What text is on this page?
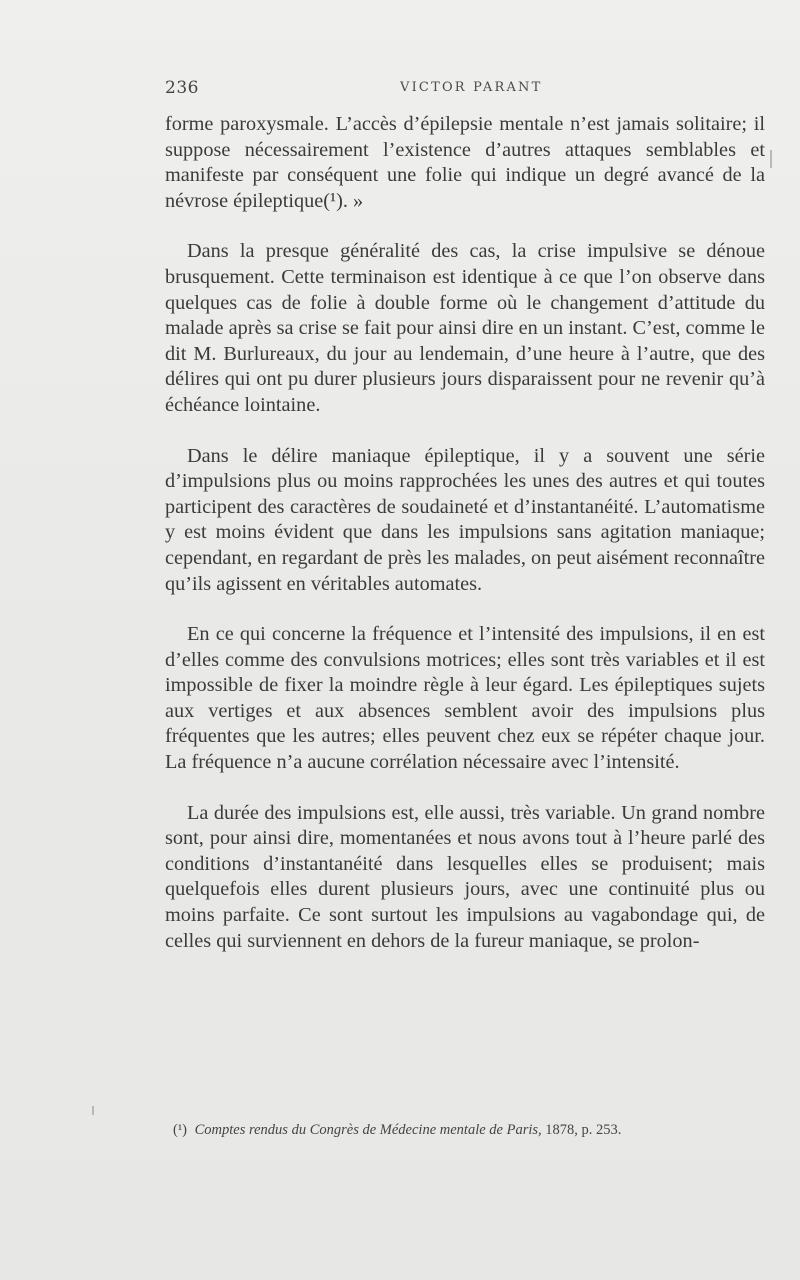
236	VICTOR PARANT

forme paroxysmale. L’accès d’épilepsie mentale n’est jamais solitaire; il suppose nécessairement l’existence d’autres attaques semblables et manifeste par conséquent une folie qui indique un degré avancé de la névrose épileptique(¹). »

Dans la presque généralité des cas, la crise impulsive se dénoue brusquement. Cette terminaison est identique à ce que l’on observe dans quelques cas de folie à double forme où le changement d’attitude du malade après sa crise se fait pour ainsi dire en un instant. C’est, comme le dit M. Burlureaux, du jour au lendemain, d’une heure à l’autre, que des délires qui ont pu durer plusieurs jours disparaissent pour ne revenir qu’à échéance lointaine.

Dans le délire maniaque épileptique, il y a souvent une série d’impulsions plus ou moins rapprochées les unes des autres et qui toutes participent des caractères de soudaineté et d’instantanéité. L’automatisme y est moins évident que dans les impulsions sans agitation maniaque; cependant, en regardant de près les malades, on peut aisément reconnaître qu’ils agissent en véritables automates.

En ce qui concerne la fréquence et l’intensité des impulsions, il en est d’elles comme des convulsions motrices; elles sont très variables et il est impossible de fixer la moindre règle à leur égard. Les épileptiques sujets aux vertiges et aux absences semblent avoir des impulsions plus fréquentes que les autres; elles peuvent chez eux se répéter chaque jour. La fréquence n’a aucune corrélation nécessaire avec l’intensité.

La durée des impulsions est, elle aussi, très variable. Un grand nombre sont, pour ainsi dire, momentanées et nous avons tout à l’heure parlé des conditions d’instantanéité dans lesquelles elles se produisent; mais quelquefois elles durent plusieurs jours, avec une continuité plus ou moins parfaite. Ce sont surtout les impulsions au vagabondage qui, de celles qui surviennent en dehors de la fureur maniaque, se prolon-

(¹) Comptes rendus du Congrès de Médecine mentale de Paris, 1878, p. 253.
